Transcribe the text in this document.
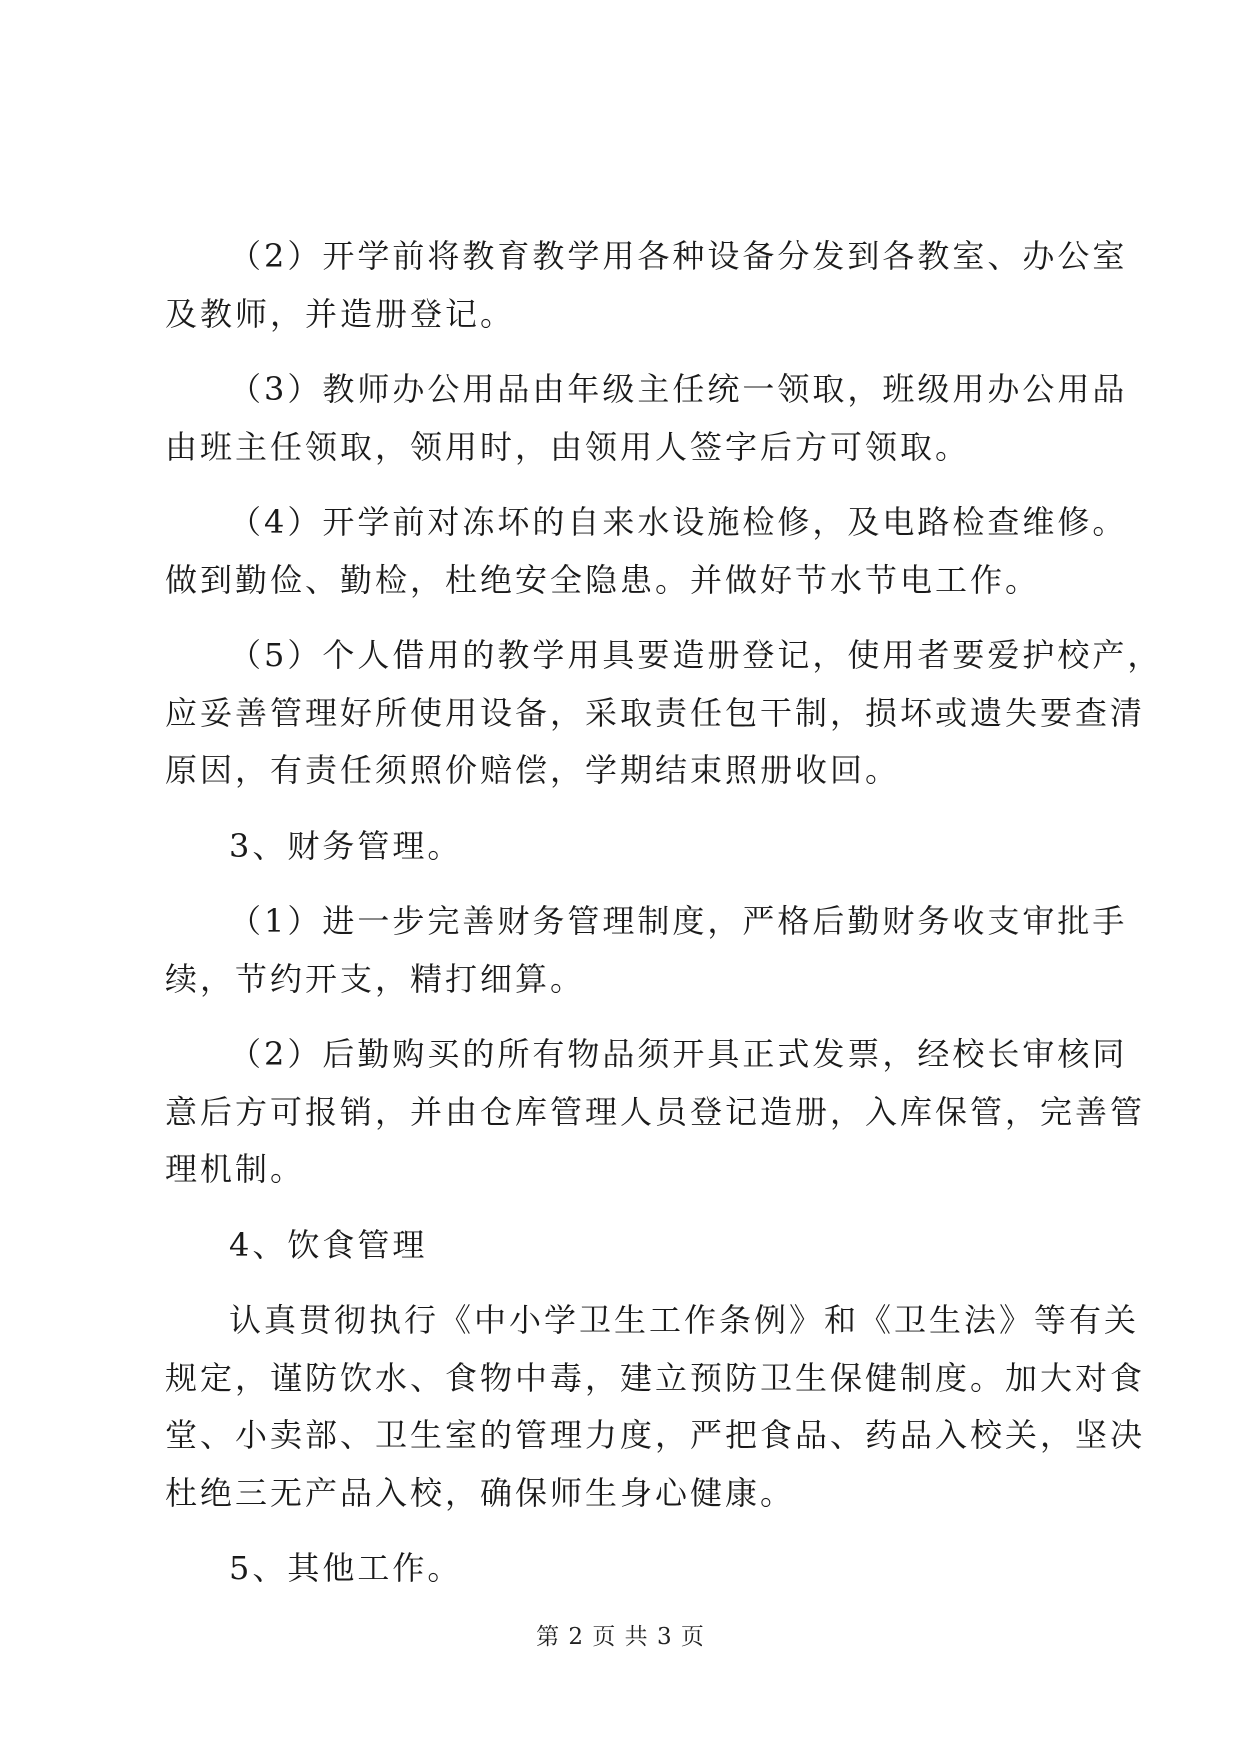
（2）开学前将教育教学用各种设备分发到各教室、办公室
及教师，并造册登记。

（3）教师办公用品由年级主任统一领取，班级用办公用品
由班主任领取，领用时，由领用人签字后方可领取。

（4）开学前对冻坏的自来水设施检修，及电路检查维修。
做到勤俭、勤检，杜绝安全隐患。并做好节水节电工作。

（5）个人借用的教学用具要造册登记，使用者要爱护校产，
应妥善管理好所使用设备，采取责任包干制，损坏或遗失要查清
原因，有责任须照价赔偿，学期结束照册收回。

3、财务管理。

（1）进一步完善财务管理制度，严格后勤财务收支审批手
续，节约开支，精打细算。

（2）后勤购买的所有物品须开具正式发票，经校长审核同
意后方可报销，并由仓库管理人员登记造册，入库保管，完善管
理机制。

4、饮食管理

认真贯彻执行《中小学卫生工作条例》和《卫生法》等有关
规定，谨防饮水、食物中毒，建立预防卫生保健制度。加大对食
堂、小卖部、卫生室的管理力度，严把食品、药品入校关，坚决
杜绝三无产品入校，确保师生身心健康。

5、其他工作。

第 2 页 共 3 页
